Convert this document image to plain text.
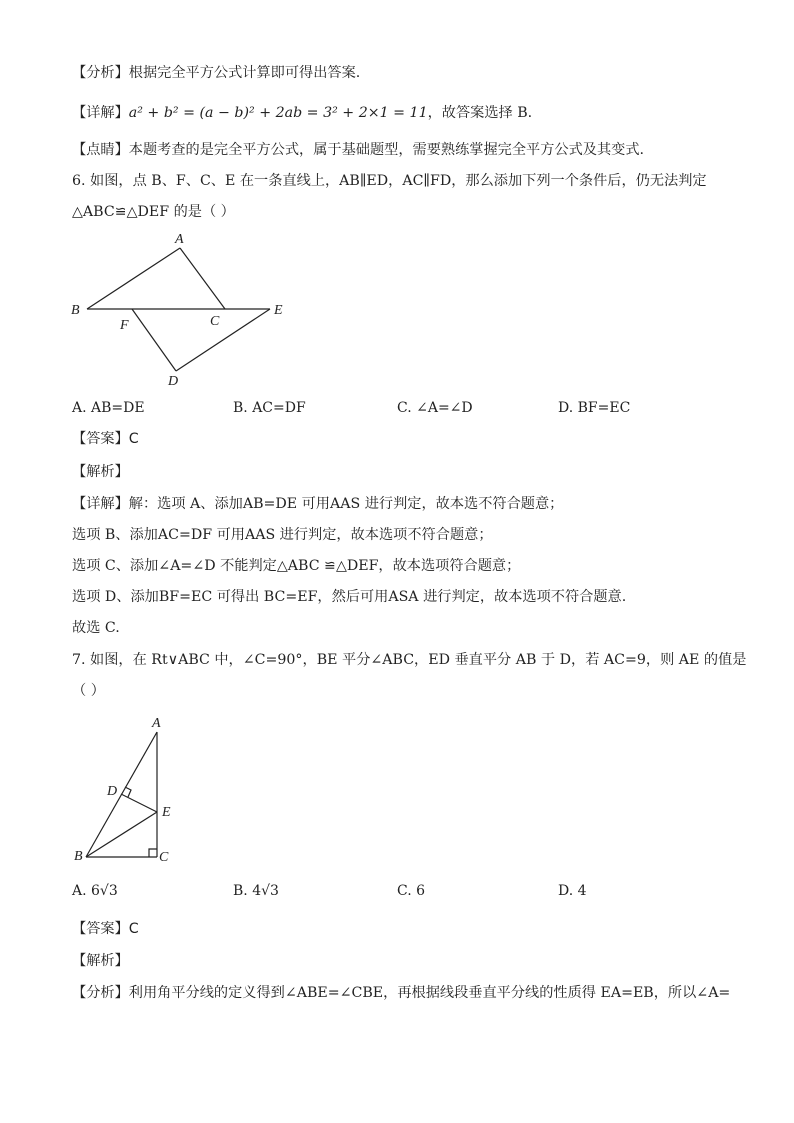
【分析】根据完全平方公式计算即可得出答案.
【详解】a² + b² = (a − b)² + 2ab = 3² + 2×1 = 11，故答案选择 B.
【点睛】本题考查的是完全平方公式，属于基础题型，需要熟练掌握完全平方公式及其变式.
6. 如图，点 B、F、C、E 在一条直线上，AB∥ED，AC∥FD，那么添加下列一个条件后，仍无法判定
△ABC≌△DEF 的是（ ）
A
B
F	C
E
D
A. AB=DE	B. AC=DF	C. ∠A=∠D	D. BF=EC
【答案】C
【解析】
【详解】解：选项 A、添加AB=DE 可用AAS 进行判定，故本选不符合题意；
选项 B、添加AC=DF 可用AAS 进行判定，故本选项不符合题意；
选项 C、添加∠A=∠D 不能判定△ABC ≌△DEF，故本选项符合题意；
选项 D、添加BF=EC 可得出 BC=EF，然后可用ASA 进行判定，故本选项不符合题意.
故选 C.
7. 如图，在 Rt∨ABC 中，∠C=90°，BE 平分∠ABC，ED 垂直平分 AB 于 D，若 AC=9，则 AE 的值是
（ ）
A
D
E
B	C
A. 6√3	B. 4√3	C. 6	D. 4
【答案】C
【解析】
【分析】利用角平分线的定义得到∠ABE=∠CBE，再根据线段垂直平分线的性质得 EA=EB，所以∠A=
